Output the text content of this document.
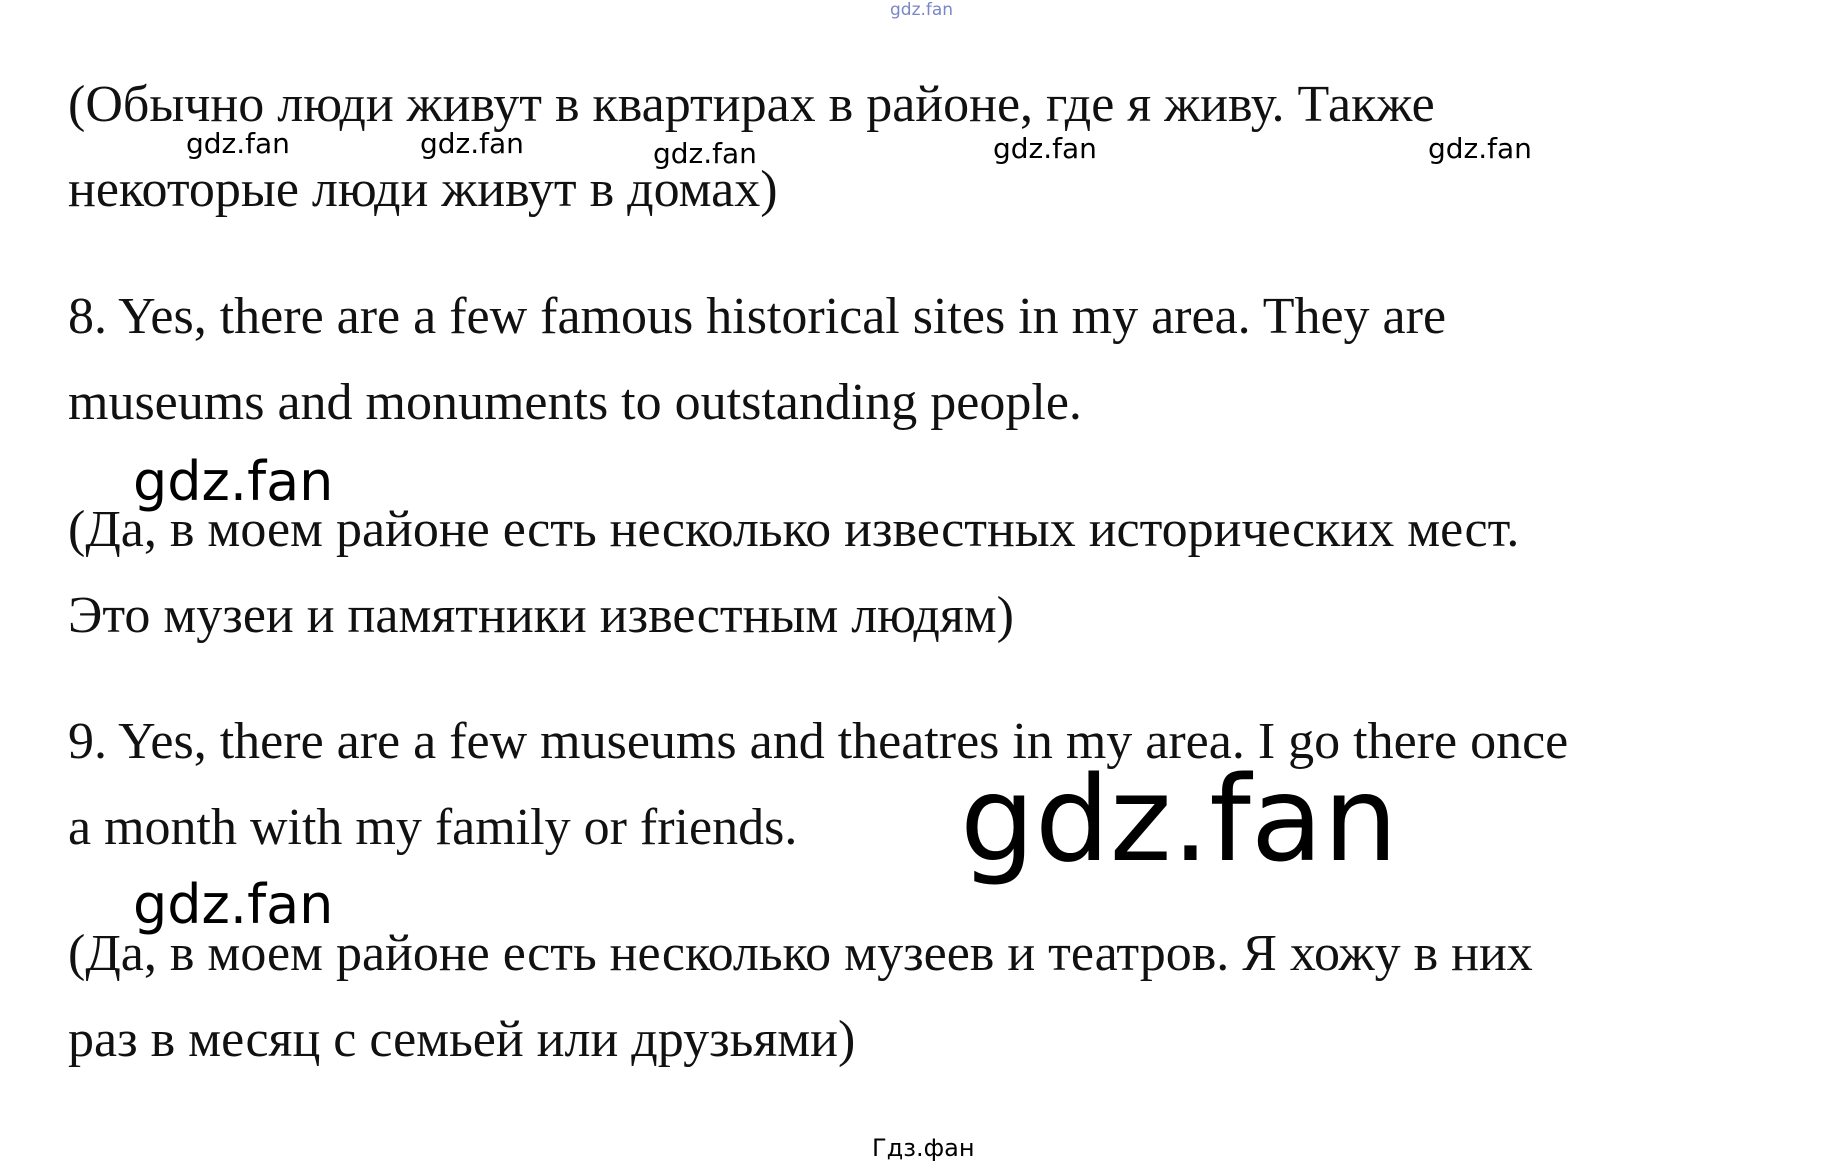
gdz.fan
(Обычно люди живут в квартирах в районе, где я живу. Также
некоторые люди живут в домах)
gdz.fan	gdz.fan	gdz.fan	gdz.fan	gdz.fan
8. Yes, there are a few famous historical sites in my area. They are
museums and monuments to outstanding people.
gdz.fan
(Да, в моем районе есть несколько известных исторических мест.
Это музеи и памятники известным людям)
9. Yes, there are a few museums and theatres in my area. I go there once
a month with my family or friends. gdz.fan
gdz.fan
(Да, в моем районе есть несколько музеев и театров. Я хожу в них
раз в месяц с семьей или друзьями)
Гдз.фан
